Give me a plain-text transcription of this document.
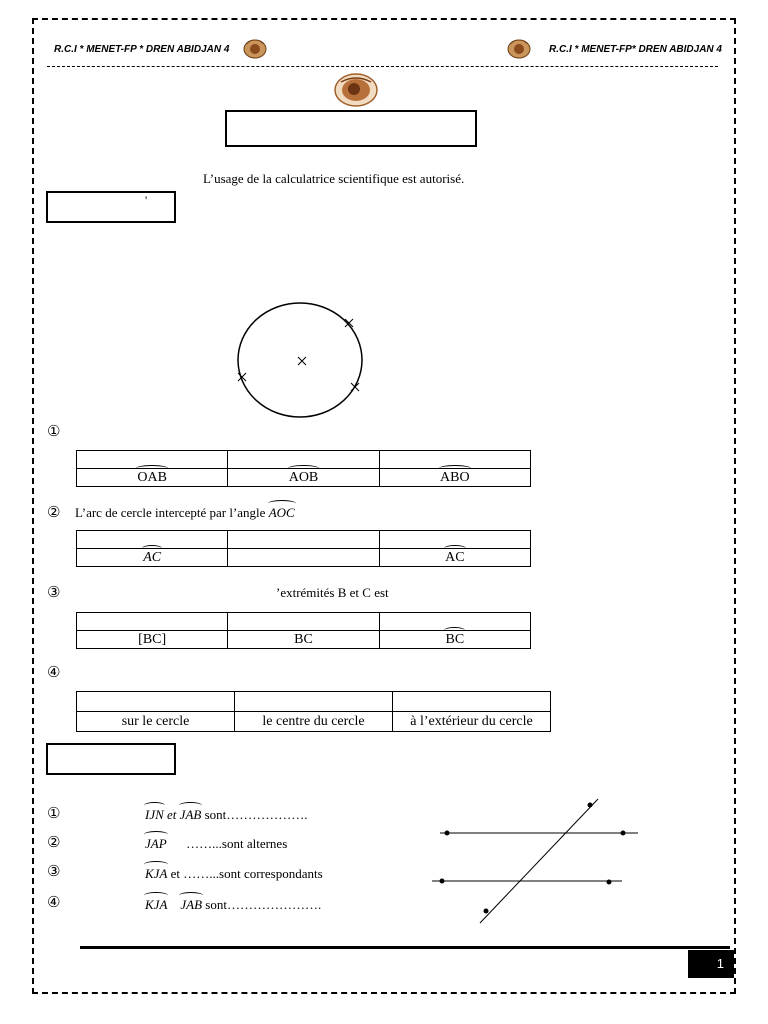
R.C.I * MENET-FP * DREN ABIDJAN 4	R.C.I * MENET-FP* DREN ABIDJAN 4
L’usage de la calculatrice scientifique est autorisé.
'
①

OAB	AOB	ABO
② L’arc de cercle intercepté par l’angle AOC

AC		AC
③	’extrémités B et C est

[BC]	BC	BC
④

sur le cercle	le centre du cercle	à l’extérieur du cercle
①	IJN et JAB sont……………….
②	JAP ……...sont alternes
③	KJA et ……...sont correspondants
④	KJA JAB sont………………….
1
